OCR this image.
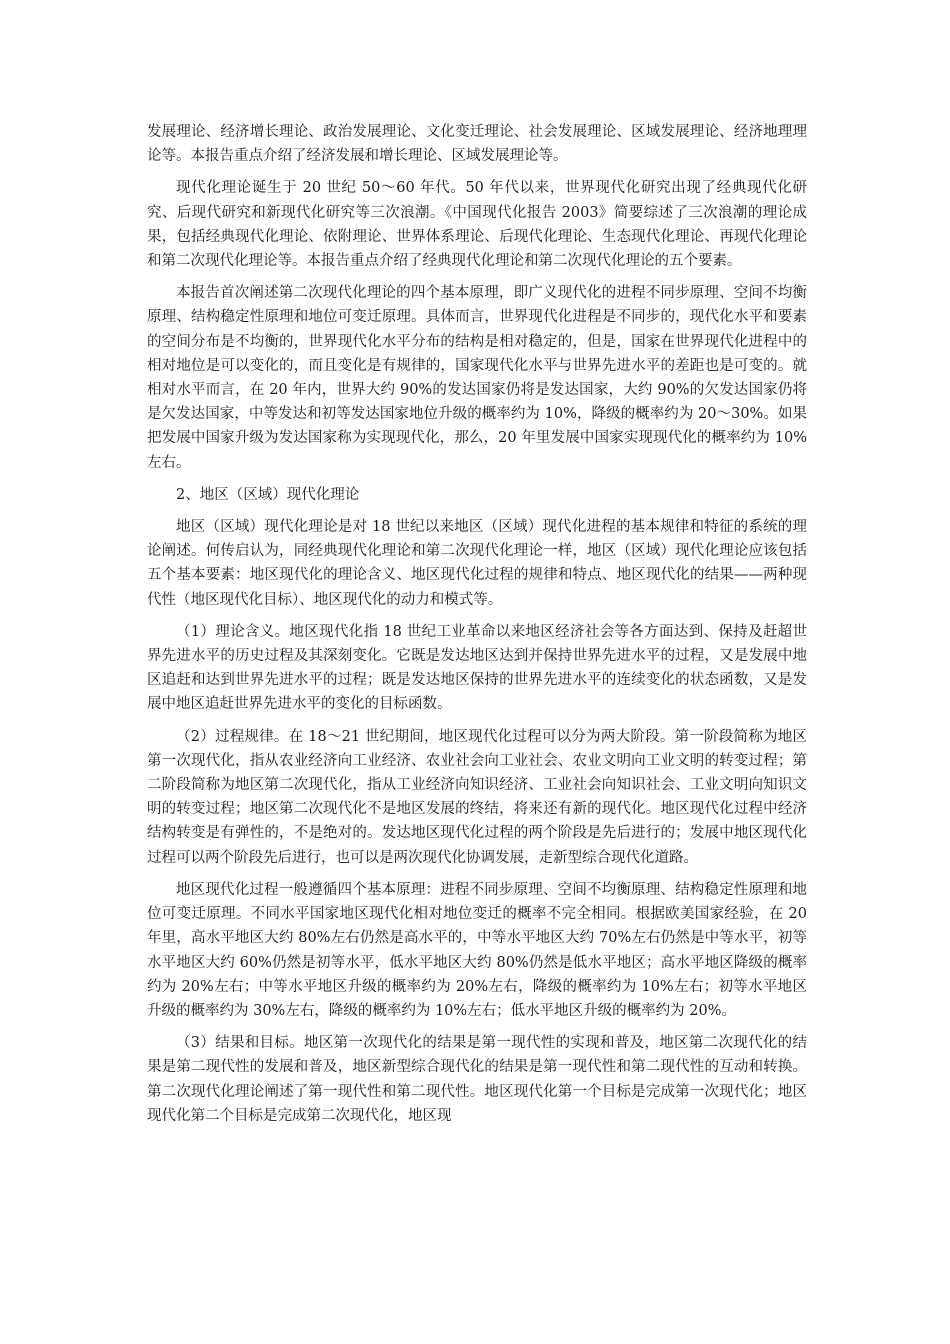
发展理论、经济增长理论、政治发展理论、文化变迁理论、社会发展理论、区域发展理论、经济地理理论等。本报告重点介绍了经济发展和增长理论、区域发展理论等。

现代化理论诞生于 20 世纪 50～60 年代。50 年代以来，世界现代化研究出现了经典现代化研究、后现代研究和新现代化研究等三次浪潮。《中国现代化报告 2003》简要综述了三次浪潮的理论成果，包括经典现代化理论、依附理论、世界体系理论、后现代化理论、生态现代化理论、再现代化理论和第二次现代化理论等。本报告重点介绍了经典现代化理论和第二次现代化理论的五个要素。

本报告首次阐述第二次现代化理论的四个基本原理，即广义现代化的进程不同步原理、空间不均衡原理、结构稳定性原理和地位可变迁原理。具体而言，世界现代化进程是不同步的，现代化水平和要素的空间分布是不均衡的，世界现代化水平分布的结构是相对稳定的，但是，国家在世界现代化进程中的相对地位是可以变化的，而且变化是有规律的，国家现代化水平与世界先进水平的差距也是可变的。就相对水平而言，在 20 年内，世界大约 90%的发达国家仍将是发达国家，大约 90%的欠发达国家仍将是欠发达国家，中等发达和初等发达国家地位升级的概率约为 10%，降级的概率约为 20～30%。如果把发展中国家升级为发达国家称为实现现代化，那么，20 年里发展中国家实现现代化的概率约为 10%左右。

2、地区（区域）现代化理论

地区（区域）现代化理论是对 18 世纪以来地区（区域）现代化进程的基本规律和特征的系统的理论阐述。何传启认为，同经典现代化理论和第二次现代化理论一样，地区（区域）现代化理论应该包括五个基本要素：地区现代化的理论含义、地区现代化过程的规律和特点、地区现代化的结果——两种现代性（地区现代化目标）、地区现代化的动力和模式等。

（1）理论含义。地区现代化指 18 世纪工业革命以来地区经济社会等各方面达到、保持及赶超世界先进水平的历史过程及其深刻变化。它既是发达地区达到并保持世界先进水平的过程，又是发展中地区追赶和达到世界先进水平的过程；既是发达地区保持的世界先进水平的连续变化的状态函数，又是发展中地区追赶世界先进水平的变化的目标函数。

（2）过程规律。在 18～21 世纪期间，地区现代化过程可以分为两大阶段。第一阶段简称为地区第一次现代化，指从农业经济向工业经济、农业社会向工业社会、农业文明向工业文明的转变过程；第二阶段简称为地区第二次现代化，指从工业经济向知识经济、工业社会向知识社会、工业文明向知识文明的转变过程；地区第二次现代化不是地区发展的终结，将来还有新的现代化。地区现代化过程中经济结构转变是有弹性的，不是绝对的。发达地区现代化过程的两个阶段是先后进行的；发展中地区现代化过程可以两个阶段先后进行，也可以是两次现代化协调发展，走新型综合现代化道路。

地区现代化过程一般遵循四个基本原理：进程不同步原理、空间不均衡原理、结构稳定性原理和地位可变迁原理。不同水平国家地区现代化相对地位变迁的概率不完全相同。根据欧美国家经验，在 20 年里，高水平地区大约 80%左右仍然是高水平的，中等水平地区大约 70%左右仍然是中等水平，初等水平地区大约 60%仍然是初等水平，低水平地区大约 80%仍然是低水平地区；高水平地区降级的概率约为 20%左右；中等水平地区升级的概率约为 20%左右，降级的概率约为 10%左右；初等水平地区升级的概率约为 30%左右，降级的概率约为 10%左右；低水平地区升级的概率约为 20%。

（3）结果和目标。地区第一次现代化的结果是第一现代性的实现和普及，地区第二次现代化的结果是第二现代性的发展和普及，地区新型综合现代化的结果是第一现代性和第二现代性的互动和转换。第二次现代化理论阐述了第一现代性和第二现代性。地区现代化第一个目标是完成第一次现代化；地区现代化第二个目标是完成第二次现代化，地区现
